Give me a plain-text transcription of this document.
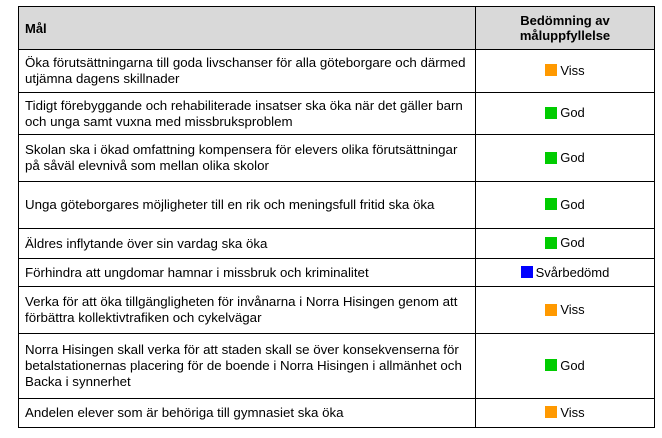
Mål	Bedömning av
måluppfyllelse

Öka förutsättningarna till goda livschanser för alla göteborgare och därmed utjämna dagens skillnader	Viss

Tidigt förebyggande och rehabiliterade insatser ska öka när det gäller barn och unga samt vuxna med missbruksproblem	God

Skolan ska i ökad omfattning kompensera för elevers olika förutsättningar på såväl elevnivå som mellan olika skolor	God

Unga göteborgares möjligheter till en rik och meningsfull fritid ska öka	God

Äldres inflytande över sin vardag ska öka	God

Förhindra att ungdomar hamnar i missbruk och kriminalitet	Svårbedömd

Verka för att öka tillgängligheten för invånarna i Norra Hisingen genom att förbättra kollektivtrafiken och cykelvägar	Viss

Norra Hisingen skall verka för att staden skall se över konsekvenserna för betalstationernas placering för de boende i Norra Hisingen i allmänhet och Backa i synnerhet	God

Andelen elever som är behöriga till gymnasiet ska öka	Viss
